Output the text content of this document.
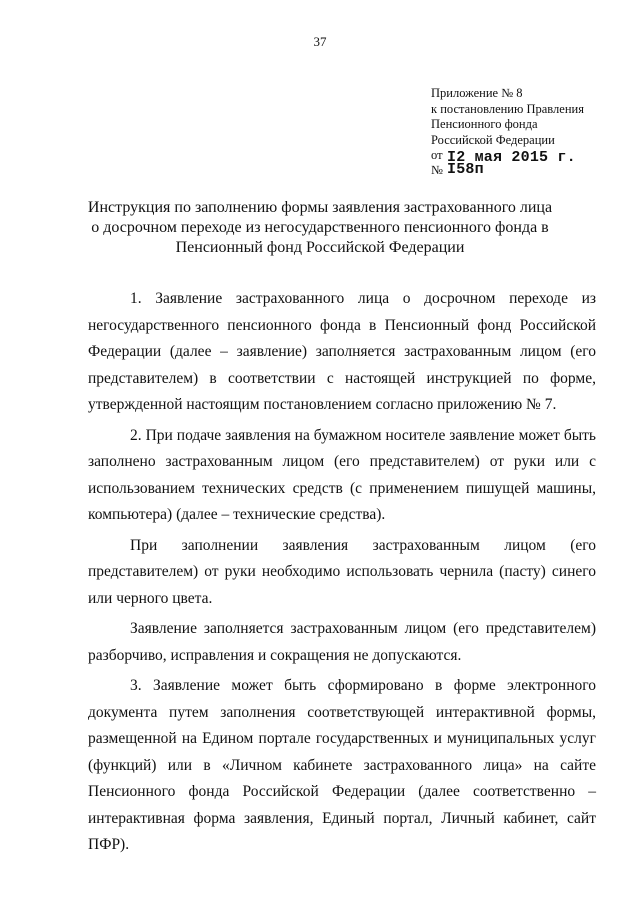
37
Приложение № 8
к постановлению Правления
Пенсионного фонда
Российской Федерации
от I2 мая 2015 г.
№ I58п
Инструкция по заполнению формы заявления застрахованного лица
о досрочном переходе из негосударственного пенсионного фонда в
Пенсионный фонд Российской Федерации

1. Заявление застрахованного лица о досрочном переходе из негосударственного пенсионного фонда в Пенсионный фонд Российской Федерации (далее – заявление) заполняется застрахованным лицом (его представителем) в соответствии с настоящей инструкцией по форме, утвержденной настоящим постановлением согласно приложению № 7.

2. При подаче заявления на бумажном носителе заявление может быть заполнено застрахованным лицом (его представителем) от руки или с использованием технических средств (с применением пишущей машины, компьютера) (далее – технические средства).

При заполнении заявления застрахованным лицом (его представителем) от руки необходимо использовать чернила (пасту) синего или черного цвета.

Заявление заполняется застрахованным лицом (его представителем) разборчиво, исправления и сокращения не допускаются.

3. Заявление может быть сформировано в форме электронного документа путем заполнения соответствующей интерактивной формы, размещенной на Едином портале государственных и муниципальных услуг (функций) или в «Личном кабинете застрахованного лица» на сайте Пенсионного фонда Российской Федерации (далее соответственно – интерактивная форма заявления, Единый портал, Личный кабинет, сайт ПФР).
